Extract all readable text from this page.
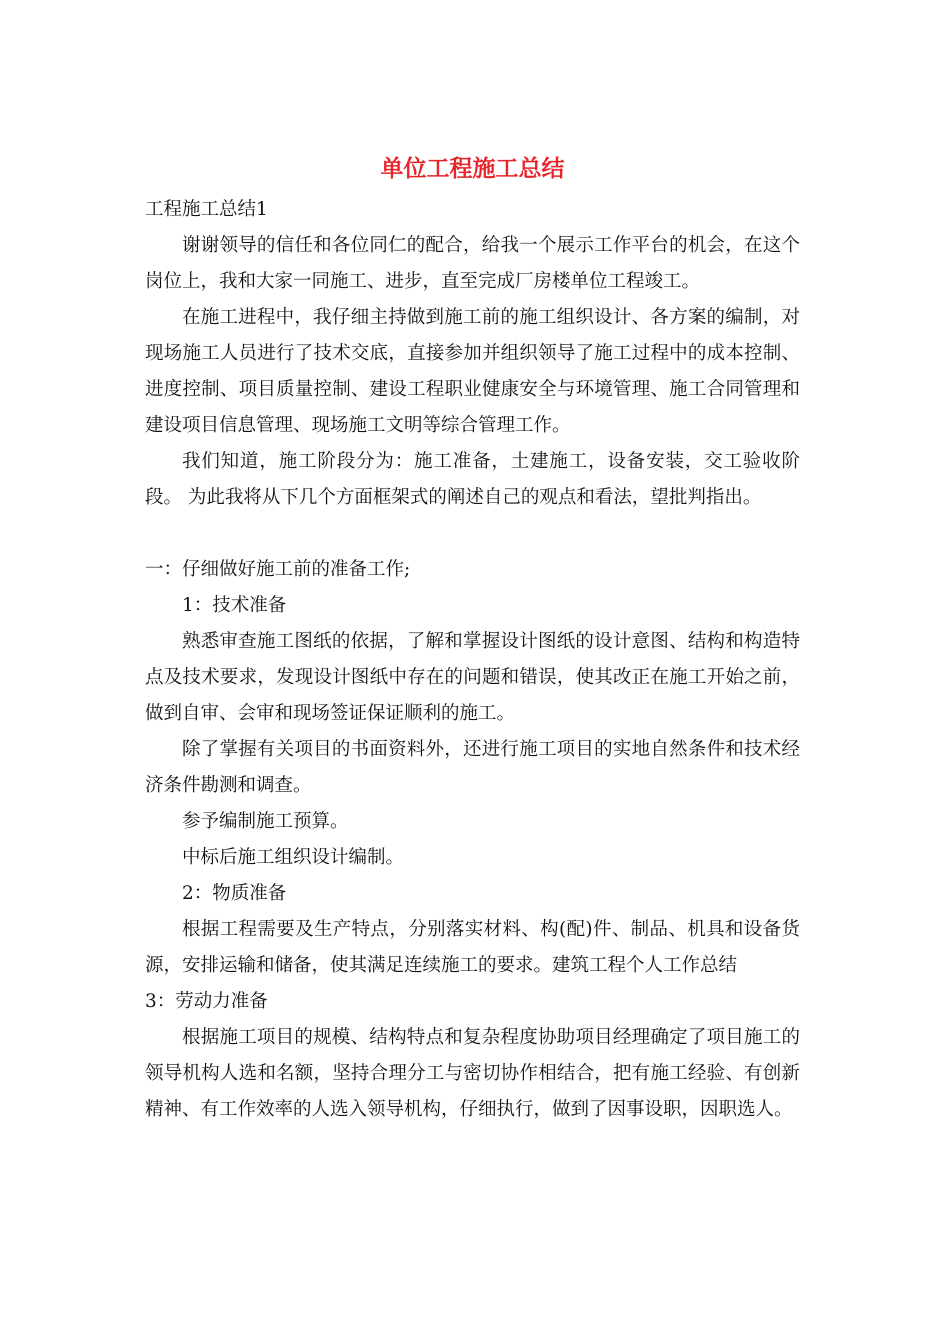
单位工程施工总结

工程施工总结1

谢谢领导的信任和各位同仁的配合，给我一个展示工作平台的机会，在这个岗位上，我和大家一同施工、进步，直至完成厂房楼单位工程竣工。

在施工进程中，我仔细主持做到施工前的施工组织设计、各方案的编制，对现场施工人员进行了技术交底，直接参加并组织领导了施工过程中的成本控制、进度控制、项目质量控制、建设工程职业健康安全与环境管理、施工合同管理和建设项目信息管理、现场施工文明等综合管理工作。

我们知道，施工阶段分为：施工准备，土建施工，设备安装，交工验收阶段。 为此我将从下几个方面框架式的阐述自己的观点和看法，望批判指出。

一：仔细做好施工前的准备工作;

1：技术准备

熟悉审查施工图纸的依据，了解和掌握设计图纸的设计意图、结构和构造特点及技术要求，发现设计图纸中存在的问题和错误，使其改正在施工开始之前，做到自审、会审和现场签证保证顺利的施工。

除了掌握有关项目的书面资料外，还进行施工项目的实地自然条件和技术经济条件勘测和调查。

参予编制施工预算。

中标后施工组织设计编制。

2：物质准备

根据工程需要及生产特点，分别落实材料、构(配)件、制品、机具和设备货源，安排运输和储备，使其满足连续施工的要求。建筑工程个人工作总结

3：劳动力准备

根据施工项目的规模、结构特点和复杂程度协助项目经理确定了项目施工的领导机构人选和名额，坚持合理分工与密切协作相结合，把有施工经验、有创新精神、有工作效率的人选入领导机构，仔细执行，做到了因事设职，因职选人。
